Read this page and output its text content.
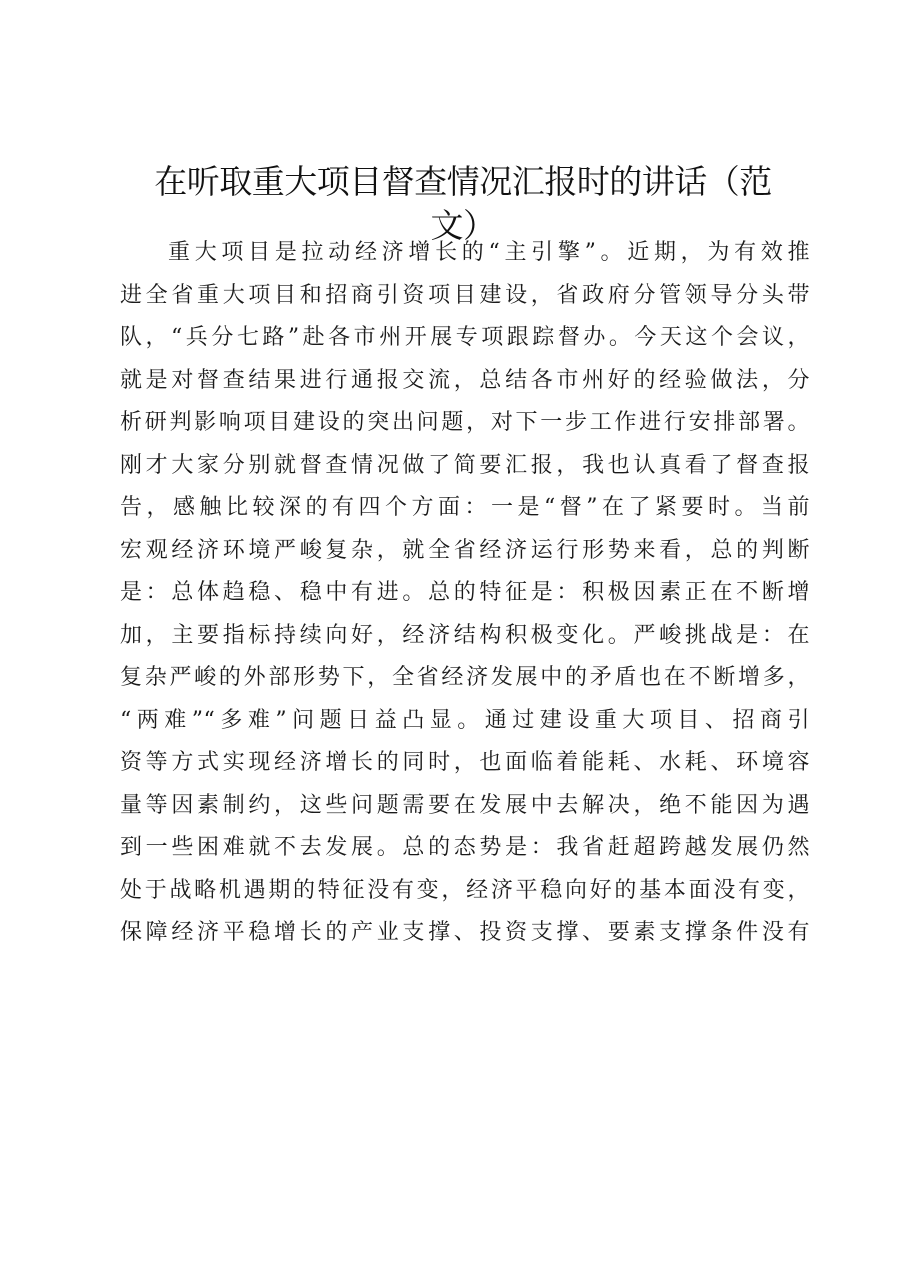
在听取重大项目督查情况汇报时的讲话（范
文）
重大项目是拉动经济增长的“主引擎”。近期，为有效推
进全省重大项目和招商引资项目建设，省政府分管领导分头带
队，“兵分七路”赴各市州开展专项跟踪督办。今天这个会议，
就是对督查结果进行通报交流，总结各市州好的经验做法，分
析研判影响项目建设的突出问题，对下一步工作进行安排部署。
刚才大家分别就督查情况做了简要汇报，我也认真看了督查报
告，感触比较深的有四个方面：一是“督”在了紧要时。当前
宏观经济环境严峻复杂，就全省经济运行形势来看，总的判断
是：总体趋稳、稳中有进。总的特征是：积极因素正在不断增
加，主要指标持续向好，经济结构积极变化。严峻挑战是：在
复杂严峻的外部形势下，全省经济发展中的矛盾也在不断增多，
“两难”“多难”问题日益凸显。通过建设重大项目、招商引
资等方式实现经济增长的同时，也面临着能耗、水耗、环境容
量等因素制约，这些问题需要在发展中去解决，绝不能因为遇
到一些困难就不去发展。总的态势是：我省赶超跨越发展仍然
处于战略机遇期的特征没有变，经济平稳向好的基本面没有变，
保障经济平稳增长的产业支撑、投资支撑、要素支撑条件没有
